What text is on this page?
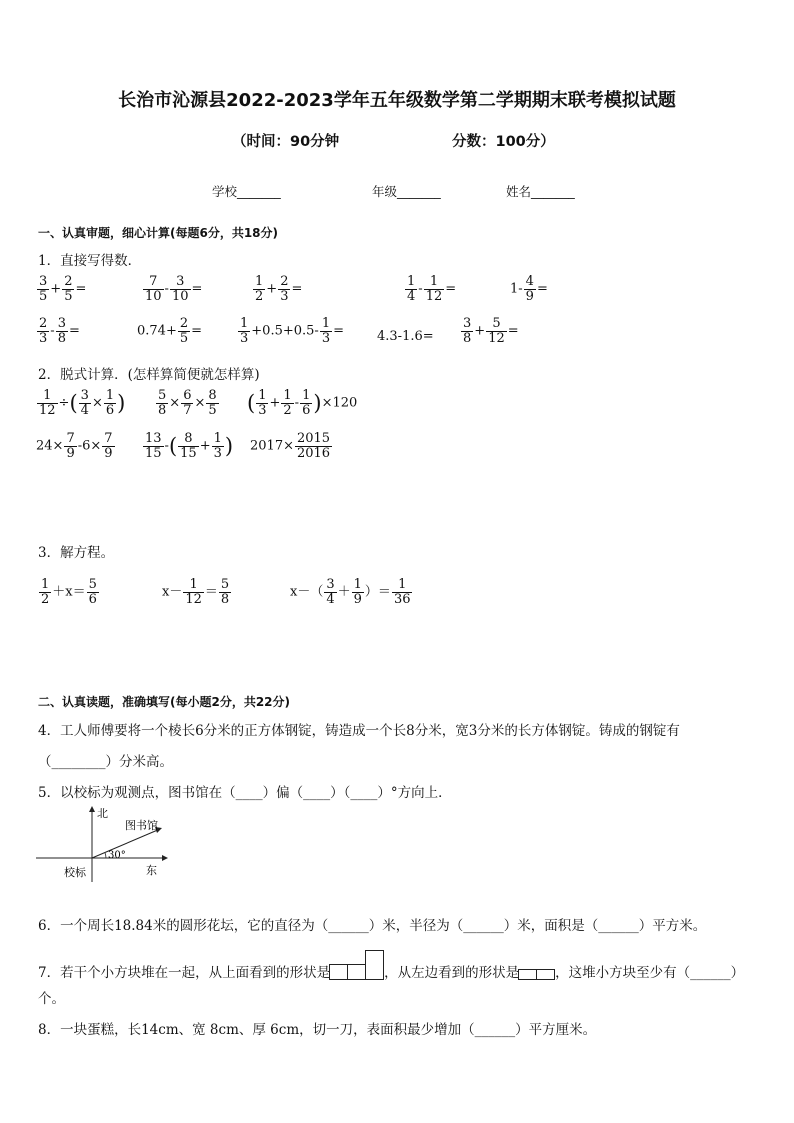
长治市沁源县2022-2023学年五年级数学第二学期期末联考模拟试题
（时间：90分钟	分数：100分）
学校_______	年级_______	姓名_______
一、认真审题，细心计算(每题6分，共18分)
1．直接写得数．
$\frac{3}{5} + \frac{2}{5}$ =	$\frac{7}{10} - \frac{3}{10}$ =	$\frac{1}{2} + \frac{2}{3}$ =	$\frac{1}{4} - \frac{1}{12}$ =	$1- \frac{4}{9}$ =
$\frac{2}{3} - \frac{3}{8}$ =	$0.74+ \frac{2}{5}$ =	$\frac{1}{3} +0.5+0.5- \frac{1}{3}$ =	$4.3-1.6= \frac{3}{8} + \frac{5}{12}$ =
2．脱式计算．(怎样算简便就怎样算)
$\frac{1}{12}$ ÷( $\frac{3}{4} \times \frac{1}{6}$ ) $\frac{5}{8} \times \frac{6}{7} \times \frac{8}{5}$ ( $\frac{1}{3} + \frac{1}{2} - \frac{1}{6} )\times 120$
$24\times \frac{7}{9} -6\times \frac{7}{9} \frac{13}{15}$ -( $\frac{8}{15} + \frac{1}{3}$ ) $2017\times \frac{2015}{2016}$
3．解方程。
$\frac{1}{2} +x= \frac{5}{6}$	$x- \frac{1}{12} = \frac{5}{8}$	$x-( \frac{3}{4} + \frac{1}{9}$ ）＝ $\frac{1}{36}$
二、认真读题，准确填写(每小题2分，共22分)
4．工人师傅要将一个棱长6分米的正方体钢锭，铸造成一个长8分米，宽3分米的长方体钢锭。铸成的钢锭有
（________）分米高。
5．以校标为观测点，图书馆在（____）偏（____）（____）°方向上．
北
图书馆
30°
校标	东
6．一个周长18.84米的圆形花坛，它的直径为（______）米，半径为（______）米，面积是（______）平方米。
7．若干个小方块堆在一起，从上面看到的形状是	，从左边看到的形状是	，这堆小方块至少有（______）
个。
8．一块蛋糕，长14cm、宽 8cm、厚 6cm，切一刀，表面积最少增加（______）平方厘米。
